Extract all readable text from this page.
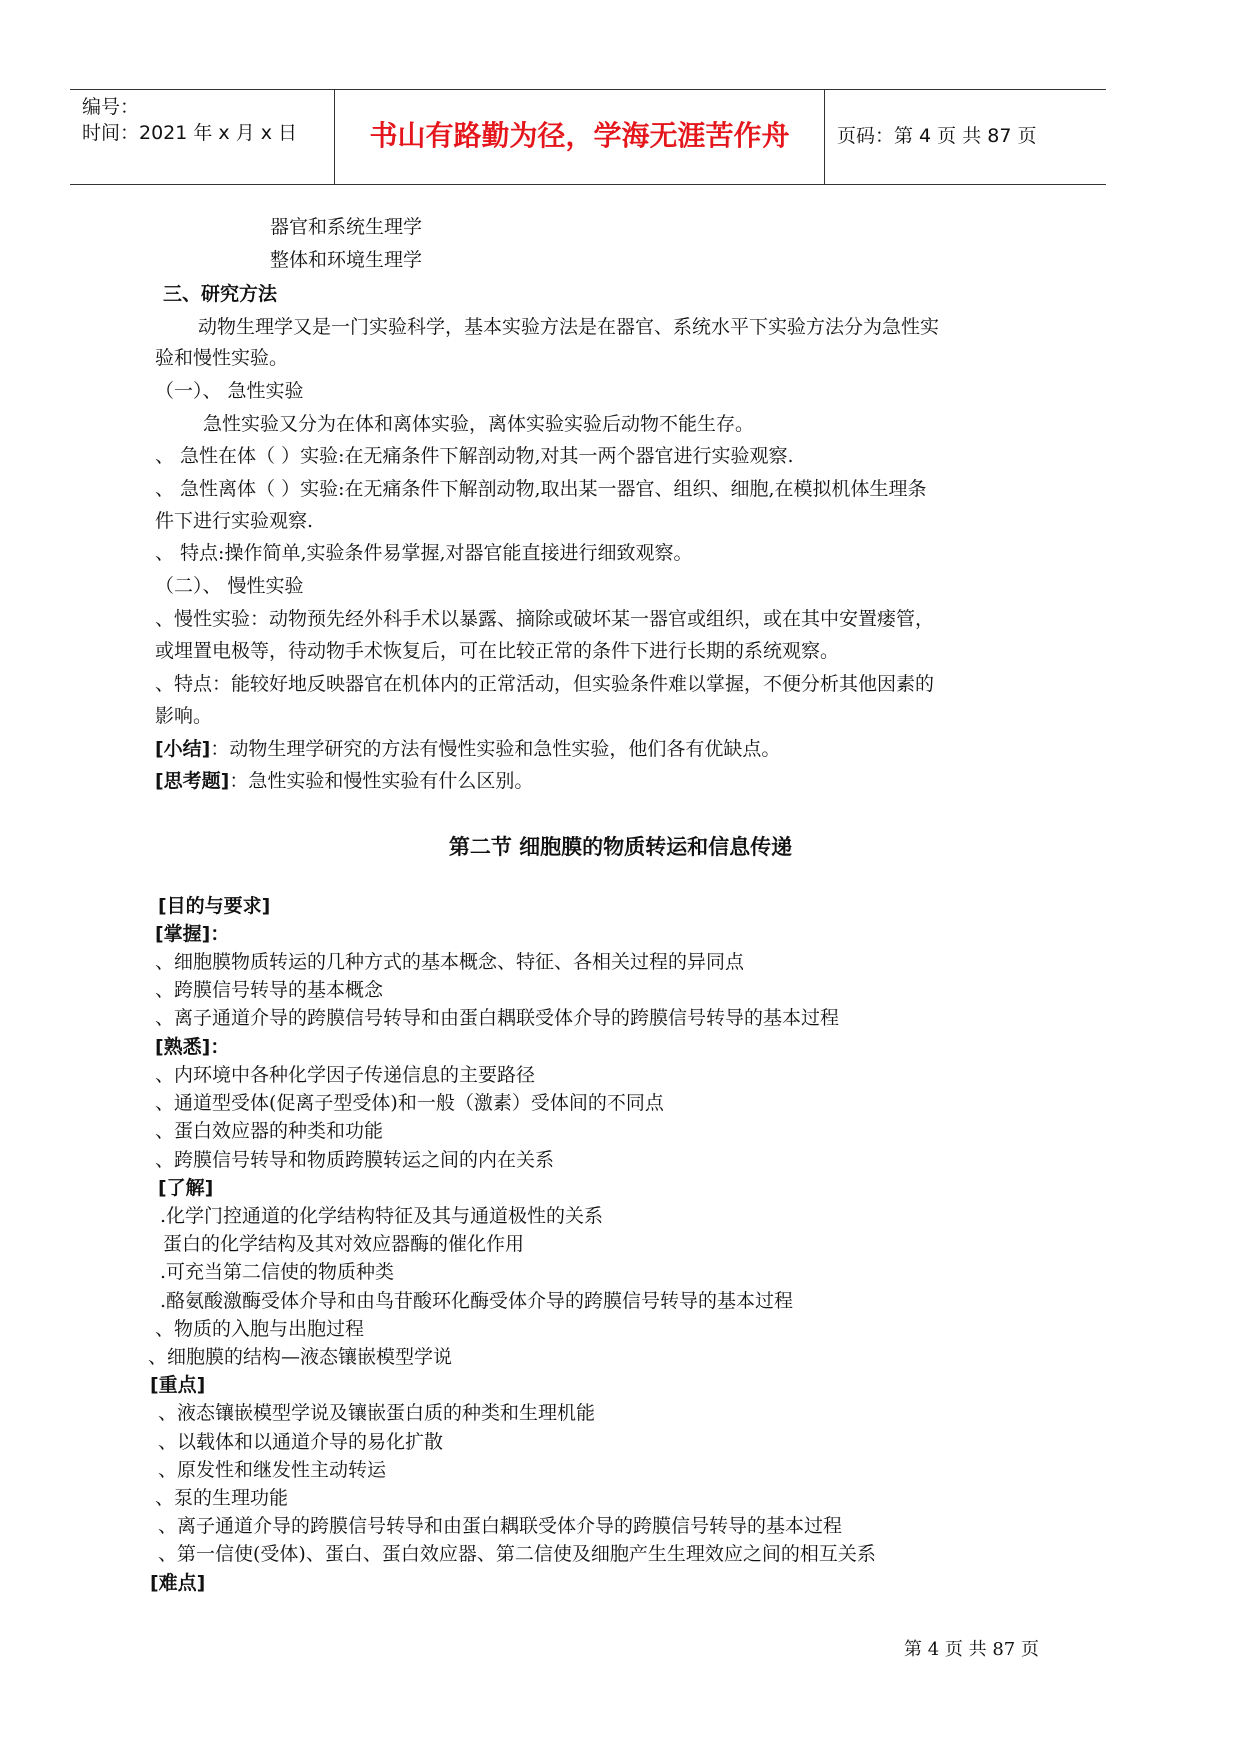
编号：
时间：2021 年 x 月 x 日	书山有路勤为径，学海无涯苦作舟	页码：第 4 页 共 87 页
器官和系统生理学
整体和环境生理学
三、研究方法
动物生理学又是一门实验科学，基本实验方法是在器官、系统水平下实验方法分为急性实
验和慢性实验。
（一）、 急性实验
急性实验又分为在体和离体实验，离体实验实验后动物不能生存。
、 急性在体（ ）实验:在无痛条件下解剖动物,对其一两个器官进行实验观察.
、 急性离体（ ）实验:在无痛条件下解剖动物,取出某一器官、组织、细胞,在模拟机体生理条
件下进行实验观察.
、 特点:操作简单,实验条件易掌握,对器官能直接进行细致观察。
（二）、 慢性实验
、慢性实验：动物预先经外科手术以暴露、摘除或破坏某一器官或组织，或在其中安置瘘管，
或埋置电极等，待动物手术恢复后，可在比较正常的条件下进行长期的系统观察。
、特点：能较好地反映器官在机体内的正常活动，但实验条件难以掌握，不便分析其他因素的
影响。
[小结]：动物生理学研究的方法有慢性实验和急性实验，他们各有优缺点。
[思考题]：急性实验和慢性实验有什么区别。
第二节 细胞膜的物质转运和信息传递
[目的与要求]
[掌握]：
、细胞膜物质转运的几种方式的基本概念、特征、各相关过程的异同点
、跨膜信号转导的基本概念
、离子通道介导的跨膜信号转导和由蛋白耦联受体介导的跨膜信号转导的基本过程
[熟悉]：
、内环境中各种化学因子传递信息的主要路径
、通道型受体(促离子型受体)和一般（激素）受体间的不同点
、蛋白效应器的种类和功能
、跨膜信号转导和物质跨膜转运之间的内在关系
[了解]
.化学门控通道的化学结构特征及其与通道极性的关系
蛋白的化学结构及其对效应器酶的催化作用
.可充当第二信使的物质种类
.酪氨酸激酶受体介导和由鸟苷酸环化酶受体介导的跨膜信号转导的基本过程
、物质的入胞与出胞过程
、细胞膜的结构—液态镶嵌模型学说
[重点]
、液态镶嵌模型学说及镶嵌蛋白质的种类和生理机能
、以载体和以通道介导的易化扩散
、原发性和继发性主动转运
、泵的生理功能
、离子通道介导的跨膜信号转导和由蛋白耦联受体介导的跨膜信号转导的基本过程
、第一信使(受体)、蛋白、蛋白效应器、第二信使及细胞产生生理效应之间的相互关系
[难点]
第 4 页 共 87 页
